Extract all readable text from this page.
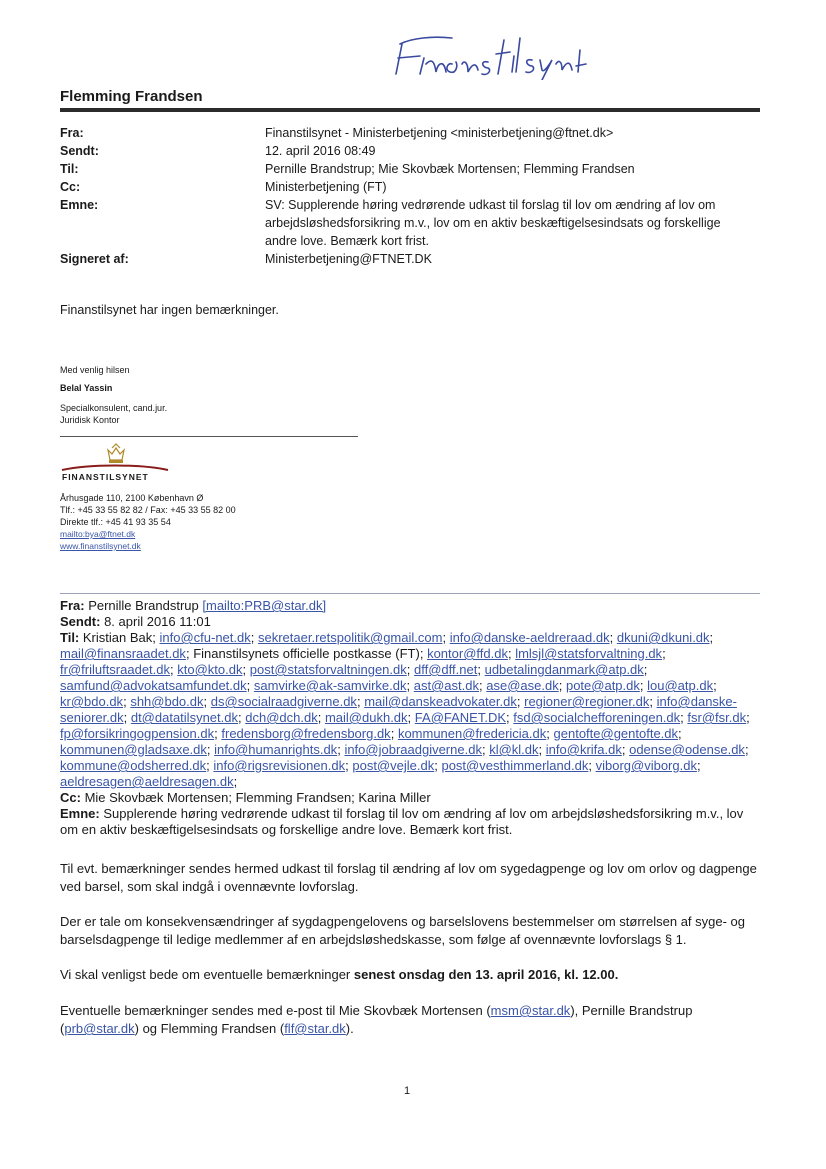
Flemming Frandsen
Fra:	Finanstilsynet - Ministerbetjening <ministerbetjening@ftnet.dk>
Sendt:	12. april 2016 08:49
Til:	Pernille Brandstrup; Mie Skovbæk Mortensen; Flemming Frandsen
Cc:	Ministerbetjening (FT)
Emne:	SV: Supplerende høring vedrørende udkast til forslag til lov om ændring af lov om arbejdsløshedsforsikring m.v., lov om en aktiv beskæftigelsesindsats og forskellige andre love. Bemærk kort frist.
Signeret af:	Ministerbetjening@FTNET.DK
Finanstilsynet har ingen bemærkninger.
Med venlig hilsen
Belal Yassin
Specialkonsulent, cand.jur.
Juridisk Kontor
FINANSTILSYNET
Århusgade 110, 2100 København Ø
Tlf.: +45 33 55 82 82 / Fax: +45 33 55 82 00
Direkte tlf.: +45 41 93 35 54
mailto:bya@ftnet.dk
www.finanstilsynet.dk
Fra: Pernille Brandstrup [mailto:PRB@star.dk]
Sendt: 8. april 2016 11:01
Til: Kristian Bak; info@cfu-net.dk; sekretaer.retspolitik@gmail.com; info@danske-aeldreraad.dk; dkuni@dkuni.dk; mail@finansraadet.dk; Finanstilsynets officielle postkasse (FT); kontor@ffd.dk; lmlsjl@statsforvaltning.dk; fr@friluftsraadet.dk; kto@kto.dk; post@statsforvaltningen.dk; dff@dff.net; udbetalingdanmark@atp.dk; samfund@advokatsamfundet.dk; samvirke@ak-samvirke.dk; ast@ast.dk; ase@ase.dk; pote@atp.dk; lou@atp.dk; kr@bdo.dk; shh@bdo.dk; ds@socialraadgiverne.dk; mail@danskeadvokater.dk; regioner@regioner.dk; info@danske-seniorer.dk; dt@datatilsynet.dk; dch@dch.dk; mail@dukh.dk; FA@FANET.DK; fsd@socialchefforeningen.dk; fsr@fsr.dk; fp@forsikringogpension.dk; fredensborg@fredensborg.dk; kommunen@fredericia.dk; gentofte@gentofte.dk; kommunen@gladsaxe.dk; info@humanrights.dk; info@jobraadgiverne.dk; kl@kl.dk; info@krifa.dk; odense@odense.dk; kommune@odsherred.dk; info@rigsrevisionen.dk; post@vejle.dk; post@vesthimmerland.dk; viborg@viborg.dk; aeldresagen@aeldresagen.dk;
Cc: Mie Skovbæk Mortensen; Flemming Frandsen; Karina Miller
Emne: Supplerende høring vedrørende udkast til forslag til lov om ændring af lov om arbejdsløshedsforsikring m.v., lov om en aktiv beskæftigelsesindsats og forskellige andre love. Bemærk kort frist.
Til evt. bemærkninger sendes hermed udkast til forslag til ændring af lov om sygedagpenge og lov om orlov og dagpenge ved barsel, som skal indgå i ovennævnte lovforslag.
Der er tale om konsekvensændringer af sygdagpengelovens og barselslovens bestemmelser om størrelsen af syge- og barselsdagpenge til ledige medlemmer af en arbejdsløshedskasse, som følge af ovennævnte lovforslags § 1.
Vi skal venligst bede om eventuelle bemærkninger senest onsdag den 13. april 2016, kl. 12.00.
Eventuelle bemærkninger sendes med e-post til Mie Skovbæk Mortensen (msm@star.dk), Pernille Brandstrup (prb@star.dk) og Flemming Frandsen (flf@star.dk).
1
